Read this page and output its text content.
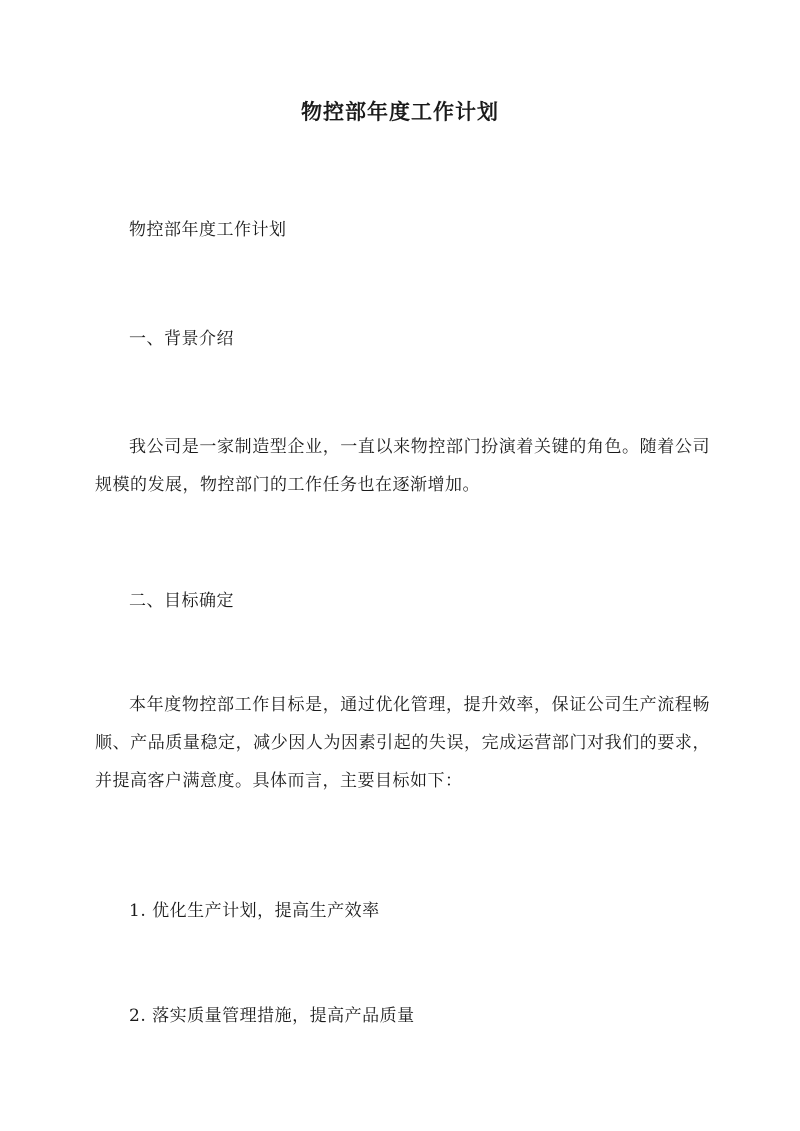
物控部年度工作计划

物控部年度工作计划

一、背景介绍

我公司是一家制造型企业，一直以来物控部门扮演着关键的角色。随着公司规模的发展，物控部门的工作任务也在逐渐增加。

二、目标确定

本年度物控部工作目标是，通过优化管理，提升效率，保证公司生产流程畅顺、产品质量稳定，减少因人为因素引起的失误，完成运营部门对我们的要求，并提高客户满意度。具体而言，主要目标如下：

1. 优化生产计划，提高生产效率

2. 落实质量管理措施，提高产品质量
